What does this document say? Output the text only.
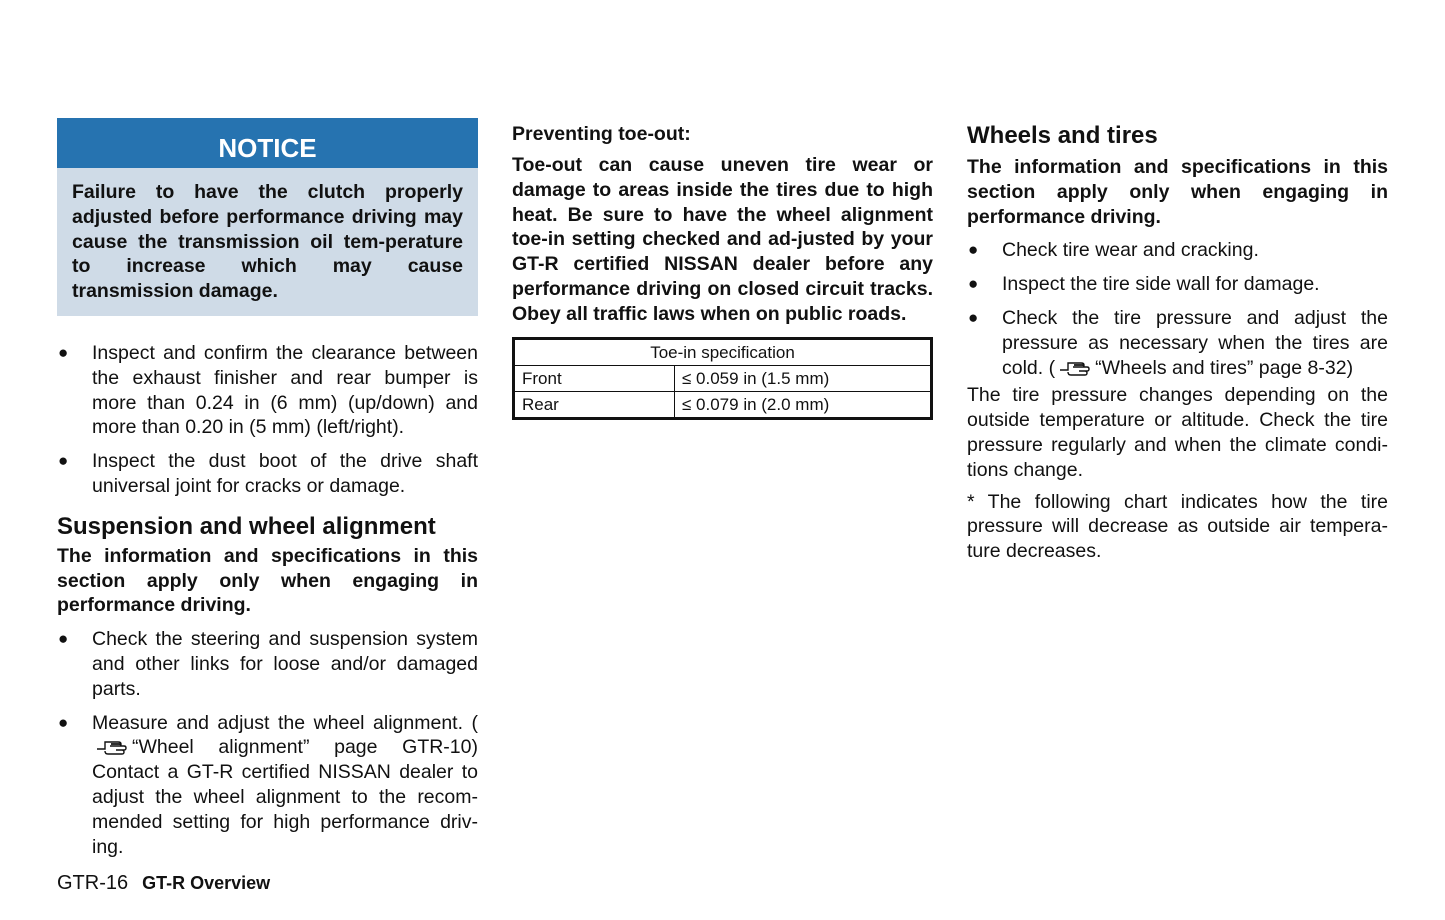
NOTICE
Failure to have the clutch properly adjusted before performance driving may cause the transmission oil tem-perature to increase which may cause transmission damage.
● Inspect and confirm the clearance between the exhaust finisher and rear bumper is more than 0.24 in (6 mm) (up/down) and more than 0.20 in (5 mm) (left/right).
● Inspect the dust boot of the drive shaft universal joint for cracks or damage.
Suspension and wheel alignment
The information and specifications in this section apply only when engaging in performance driving.
● Check the steering and suspension system and other links for loose and/or damaged parts.
● Measure and adjust the wheel alignment. (“Wheel alignment” page GTR-10) Contact a GT-R certified NISSAN dealer to adjust the wheel alignment to the recom-mended setting for high performance driv-ing.
Preventing toe-out:
Toe-out can cause uneven tire wear or damage to areas inside the tires due to high heat. Be sure to have the wheel alignment toe-in setting checked and ad-justed by your GT-R certified NISSAN dealer before any performance driving on closed circuit tracks. Obey all traffic laws when on public roads.
Toe-in specification	
Front	≤ 0.059 in (1.5 mm)
Rear	≤ 0.079 in (2.0 mm)
Wheels and tires
The information and specifications in this section apply only when engaging in performance driving.
● Check tire wear and cracking.
● Inspect the tire side wall for damage.
● Check the tire pressure and adjust the pressure as necessary when the tires are cold. ( “Wheels and tires” page 8-32)
The tire pressure changes depending on the outside temperature or altitude. Check the tire pressure regularly and when the climate condi-tions change.
* The following chart indicates how the tire pressure will decrease as outside air tempera-ture decreases.
GTR-16 GT-R Overview
